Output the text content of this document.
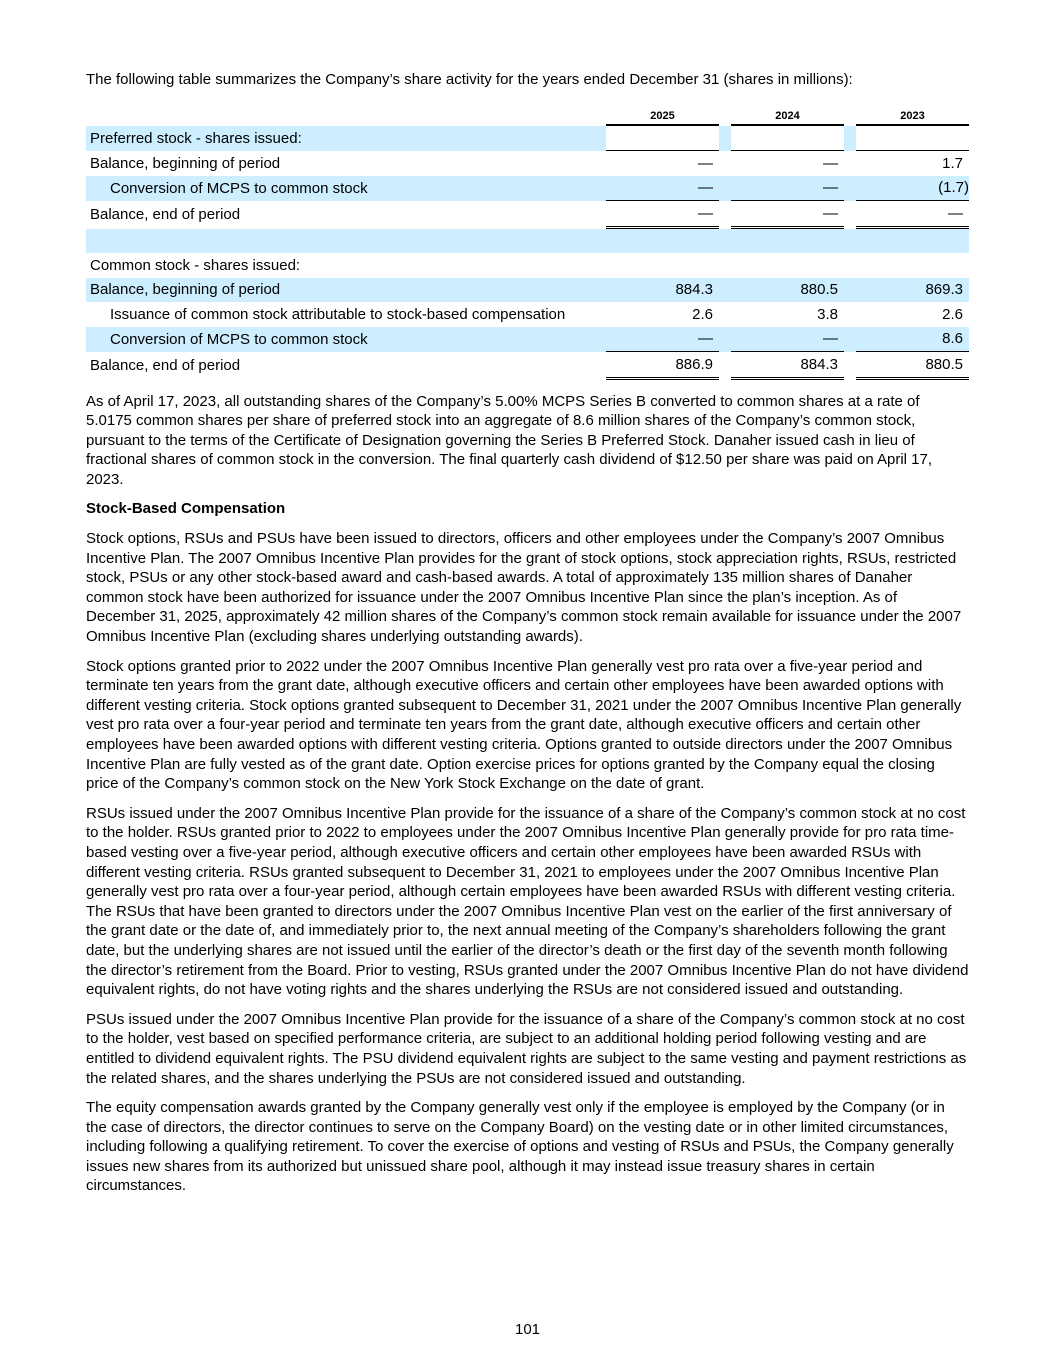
The following table summarizes the Company’s share activity for the years ended December 31 (shares in millions):

		2025		2024		2023
Preferred stock - shares issued:						
Balance, beginning of period		—		—		1.7
Conversion of MCPS to common stock		—		—		(1.7)
Balance, end of period		—		—		—

Common stock - shares issued:						
Balance, beginning of period		884.3		880.5		869.3
Issuance of common stock attributable to stock-based compensation		2.6		3.8		2.6
Conversion of MCPS to common stock		—		—		8.6
Balance, end of period		886.9		884.3		880.5

As of April 17, 2023, all outstanding shares of the Company’s 5.00% MCPS Series B converted to common shares at a rate of 5.0175 common shares per share of preferred stock into an aggregate of 8.6 million shares of the Company’s common stock, pursuant to the terms of the Certificate of Designation governing the Series B Preferred Stock. Danaher issued cash in lieu of fractional shares of common stock in the conversion. The final quarterly cash dividend of $12.50 per share was paid on April 17, 2023.

Stock-Based Compensation

Stock options, RSUs and PSUs have been issued to directors, officers and other employees under the Company’s 2007 Omnibus Incentive Plan. The 2007 Omnibus Incentive Plan provides for the grant of stock options, stock appreciation rights, RSUs, restricted stock, PSUs or any other stock-based award and cash-based awards. A total of approximately 135 million shares of Danaher common stock have been authorized for issuance under the 2007 Omnibus Incentive Plan since the plan’s inception. As of December 31, 2025, approximately 42 million shares of the Company’s common stock remain available for issuance under the 2007 Omnibus Incentive Plan (excluding shares underlying outstanding awards).

Stock options granted prior to 2022 under the 2007 Omnibus Incentive Plan generally vest pro rata over a five-year period and terminate ten years from the grant date, although executive officers and certain other employees have been awarded options with different vesting criteria. Stock options granted subsequent to December 31, 2021 under the 2007 Omnibus Incentive Plan generally vest pro rata over a four-year period and terminate ten years from the grant date, although executive officers and certain other employees have been awarded options with different vesting criteria. Options granted to outside directors under the 2007 Omnibus Incentive Plan are fully vested as of the grant date. Option exercise prices for options granted by the Company equal the closing price of the Company’s common stock on the New York Stock Exchange on the date of grant.

RSUs issued under the 2007 Omnibus Incentive Plan provide for the issuance of a share of the Company’s common stock at no cost to the holder. RSUs granted prior to 2022 to employees under the 2007 Omnibus Incentive Plan generally provide for pro rata time-based vesting over a five-year period, although executive officers and certain other employees have been awarded RSUs with different vesting criteria. RSUs granted subsequent to December 31, 2021 to employees under the 2007 Omnibus Incentive Plan generally vest pro rata over a four-year period, although certain employees have been awarded RSUs with different vesting criteria. The RSUs that have been granted to directors under the 2007 Omnibus Incentive Plan vest on the earlier of the first anniversary of the grant date or the date of, and immediately prior to, the next annual meeting of the Company’s shareholders following the grant date, but the underlying shares are not issued until the earlier of the director’s death or the first day of the seventh month following the director’s retirement from the Board. Prior to vesting, RSUs granted under the 2007 Omnibus Incentive Plan do not have dividend equivalent rights, do not have voting rights and the shares underlying the RSUs are not considered issued and outstanding.

PSUs issued under the 2007 Omnibus Incentive Plan provide for the issuance of a share of the Company’s common stock at no cost to the holder, vest based on specified performance criteria, are subject to an additional holding period following vesting and are entitled to dividend equivalent rights. The PSU dividend equivalent rights are subject to the same vesting and payment restrictions as the related shares, and the shares underlying the PSUs are not considered issued and outstanding.

The equity compensation awards granted by the Company generally vest only if the employee is employed by the Company (or in the case of directors, the director continues to serve on the Company Board) on the vesting date or in other limited circumstances, including following a qualifying retirement. To cover the exercise of options and vesting of RSUs and PSUs, the Company generally issues new shares from its authorized but unissued share pool, although it may instead issue treasury shares in certain circumstances.

101
